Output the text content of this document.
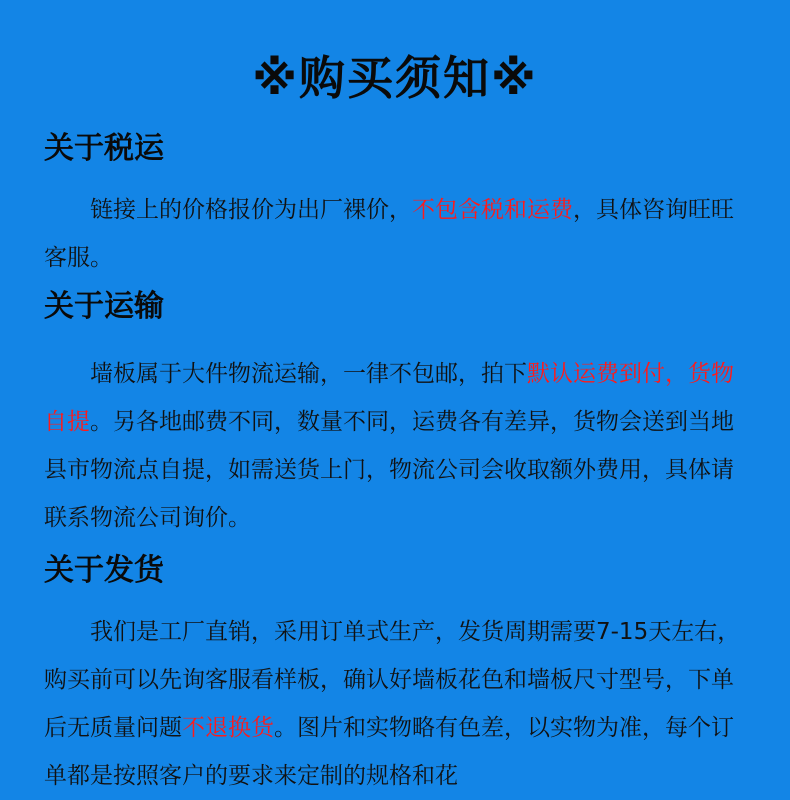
※购买须知※
关于税运

链接上的价格报价为出厂裸价，不包含税和运费，具体咨询旺旺客服。

关于运输

墙板属于大件物流运输，一律不包邮，拍下默认运费到付，货物自提。另各地邮费不同，数量不同，运费各有差异，货物会送到当地县市物流点自提，如需送货上门，物流公司会收取额外费用，具体请联系物流公司询价。

关于发货

我们是工厂直销，采用订单式生产，发货周期需要7-15天左右，购买前可以先询客服看样板，确认好墙板花色和墙板尺寸型号，下单后无质量问题不退换货。图片和实物略有色差，以实物为准，每个订单都是按照客户的要求来定制的规格和花
